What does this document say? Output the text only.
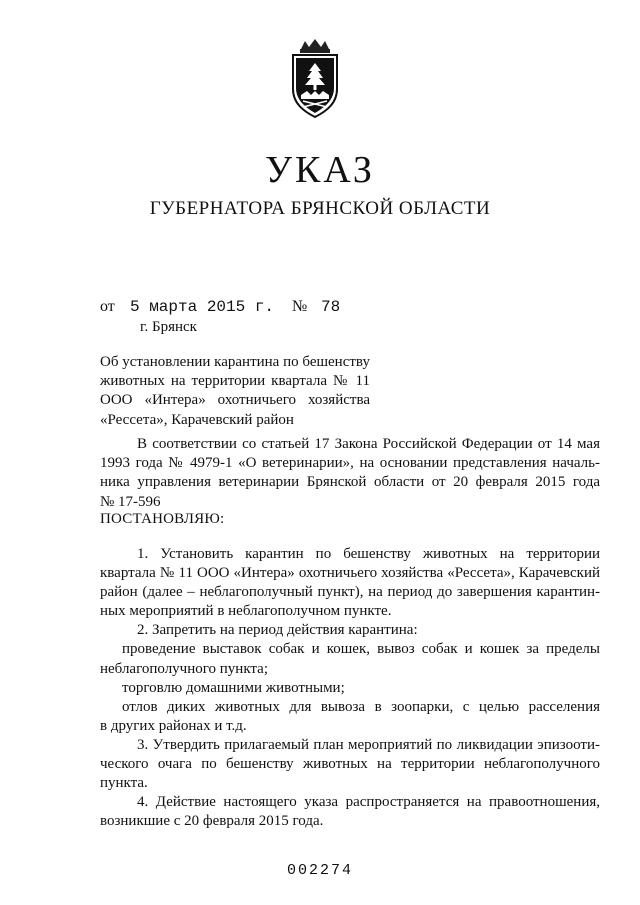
УКАЗ
ГУБЕРНАТОРА БРЯНСКОЙ ОБЛАСТИ
от 5 марта 2015 г. № 78
г. Брянск
Об установлении карантина по бешенству
животных на территории квартала № 11
ООО «Интера» охотничьего хозяйства
«Рессета», Карачевский район
В соответствии со статьей 17 Закона Российской Федерации от 14 мая
1993 года № 4979-1 «О ветеринарии», на основании представления началь-
ника управления ветеринарии Брянской области от 20 февраля 2015 года
№ 17-596
ПОСТАНОВЛЯЮ:
1. Установить карантин по бешенству животных на территории
квартала № 11 ООО «Интера» охотничьего хозяйства «Рессета», Карачевский
район (далее – неблагополучный пункт), на период до завершения карантин-
ных мероприятий в неблагополучном пункте.
2. Запретить на период действия карантина:
проведение выставок собак и кошек, вывоз собак и кошек за пределы
неблагополучного пункта;
торговлю домашними животными;
отлов диких животных для вывоза в зоопарки, с целью расселения
в других районах и т.д.
3. Утвердить прилагаемый план мероприятий по ликвидации эпизооти-
ческого очага по бешенству животных на территории неблагополучного
пункта.
4. Действие настоящего указа распространяется на правоотношения,
возникшие с 20 февраля 2015 года.
002274
